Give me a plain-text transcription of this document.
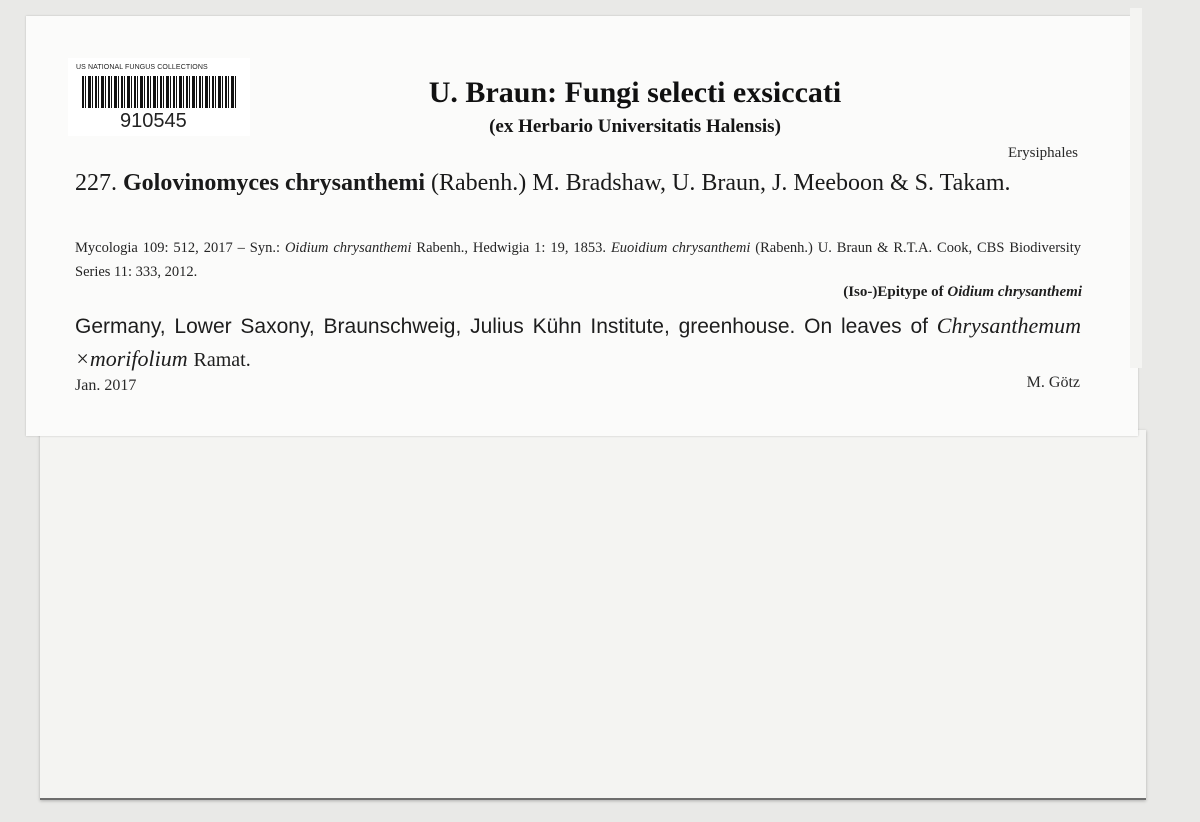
US NATIONAL FUNGUS COLLECTIONS
910545
U. Braun: Fungi selecti exsiccati
(ex Herbario Universitatis Halensis)
Erysiphales
227. Golovinomyces chrysanthemi (Rabenh.) M. Bradshaw, U. Braun, J. Meeboon & S. Takam.
Mycologia 109: 512, 2017 – Syn.: Oidium chrysanthemi Rabenh., Hedwigia 1: 19, 1853. Euoidium chrysanthemi (Rabenh.) U. Braun & R.T.A. Cook, CBS Biodiversity Series 11: 333, 2012.
(Iso-)Epitype of Oidium chrysanthemi
Germany, Lower Saxony, Braunschweig, Julius Kühn Institute, greenhouse. On leaves of Chrysanthemum ×morifolium Ramat.
Jan. 2017	M. Götz
